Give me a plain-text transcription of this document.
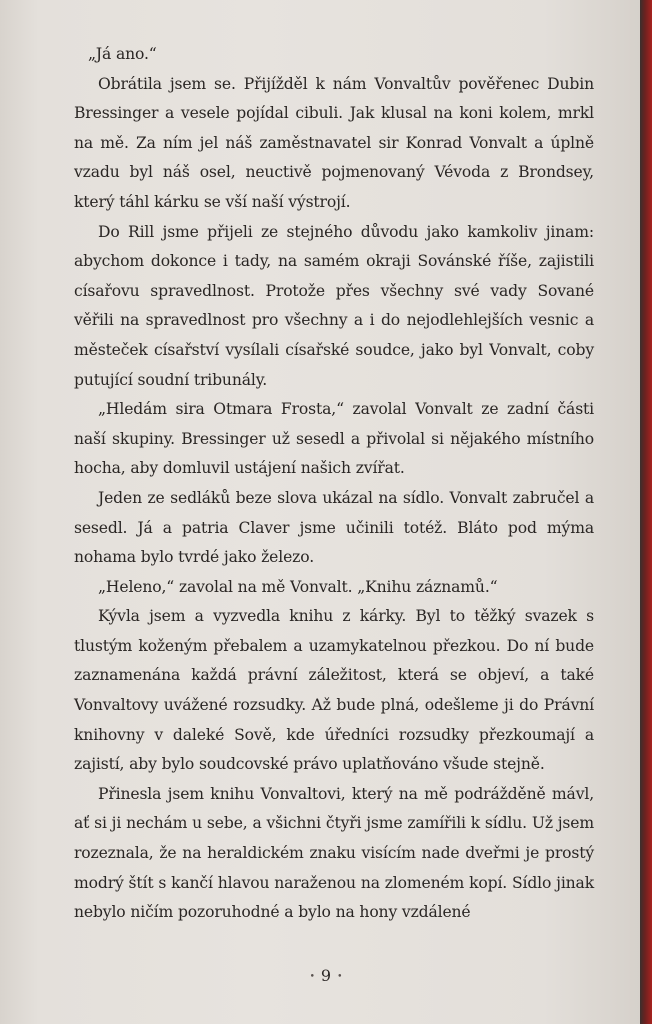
„Já ano.“

Obrátila jsem se. Přijížděl k nám Vonvaltův pověřenec Dubin Bressinger a vesele pojídal cibuli. Jak klusal na koni kolem, mrkl na mě. Za ním jel náš zaměstnavatel sir Konrad Vonvalt a úplně vzadu byl náš osel, neuctivě pojmenovaný Vévoda z Brondsey, který táhl kárku se vší naší výstrojí.

Do Rill jsme přijeli ze stejného důvodu jako kamkoliv jinam: abychom dokonce i tady, na samém okraji Sovánské říše, zajistili císařovu spravedlnost. Protože přes všechny své vady Sované věřili na spravedlnost pro všechny a i do nejodlehlejších vesnic a městeček císařství vysílali císařské soudce, jako byl Vonvalt, coby putující soudní tribunály.

„Hledám sira Otmara Frosta,“ zavolal Vonvalt ze zadní části naší skupiny. Bressinger už sesedl a přivolal si nějakého místního hocha, aby domluvil ustájení našich zvířat.

Jeden ze sedláků beze slova ukázal na sídlo. Vonvalt zabručel a sesedl. Já a patria Claver jsme učinili totéž. Bláto pod mýma nohama bylo tvrdé jako železo.

„Heleno,“ zavolal na mě Vonvalt. „Knihu záznamů.“

Kývla jsem a vyzvedla knihu z kárky. Byl to těžký svazek s tlustým koženým přebalem a uzamykatelnou přezkou. Do ní bude zaznamenána každá právní záležitost, která se objeví, a také Vonvaltovy uvážené rozsudky. Až bude plná, odešleme ji do Právní knihovny v daleké Sově, kde úředníci rozsudky přezkoumají a zajistí, aby bylo soudcovské právo uplatňováno všude stejně.

Přinesla jsem knihu Vonvaltovi, který na mě podrážděně mávl, ať si ji nechám u sebe, a všichni čtyři jsme zamířili k sídlu. Už jsem rozeznala, že na heraldickém znaku visícím nade dveřmi je prostý modrý štít s kančí hlavou naraženou na zlomeném kopí. Sídlo jinak nebylo ničím pozoruhodné a bylo na hony vzdálené

• 9 •
